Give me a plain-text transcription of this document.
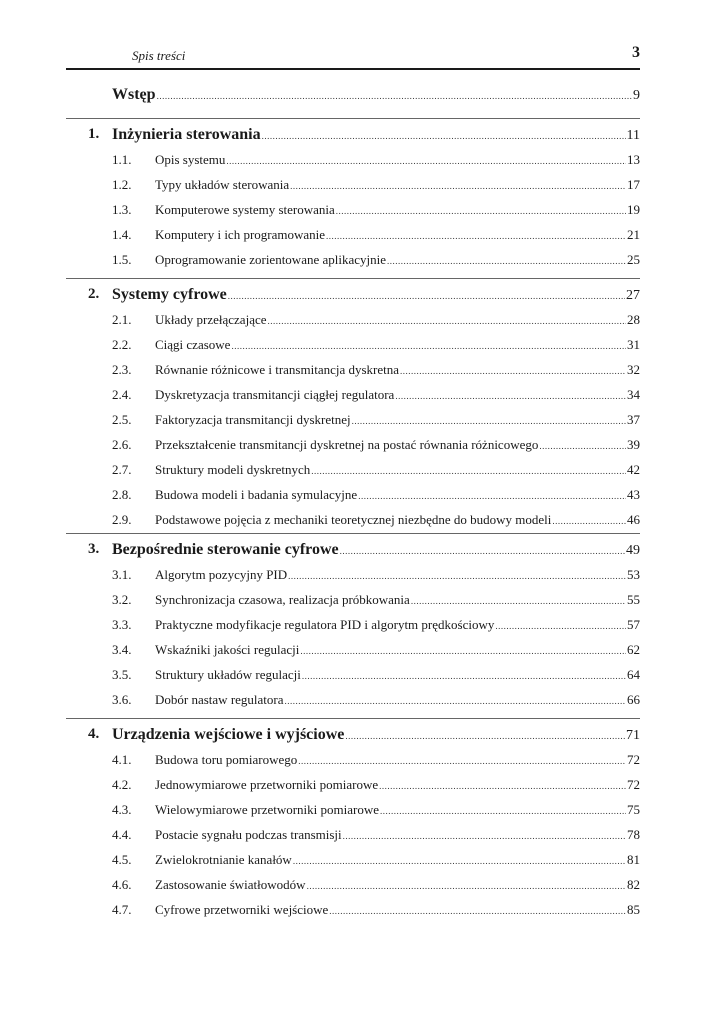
Spis treści	3
Wstęp .....	9
1. Inżynieria sterowania .....	11
1.1. Opis systemu .....	13
1.2. Typy układów sterowania .....	17
1.3. Komputerowe systemy sterowania .....	19
1.4. Komputery i ich programowanie .....	21
1.5. Oprogramowanie zorientowane aplikacyjnie .....	25
2. Systemy cyfrowe .....	27
2.1. Układy przełączające .....	28
2.2. Ciągi czasowe .....	31
2.3. Równanie różnicowe i transmitancja dyskretna .....	32
2.4. Dyskretyzacja transmitancji ciągłej regulatora .....	34
2.5. Faktoryzacja transmitancji dyskretnej .....	37
2.6. Przekształcenie transmitancji dyskretnej na postać równania różnicowego .....	39
2.7. Struktury modeli dyskretnych .....	42
2.8. Budowa modeli i badania symulacyjne .....	43
2.9. Podstawowe pojęcia z mechaniki teoretycznej niezbędne do budowy modeli .....	46
3. Bezpośrednie sterowanie cyfrowe .....	49
3.1. Algorytm pozycyjny PID .....	53
3.2. Synchronizacja czasowa, realizacja próbkowania .....	55
3.3. Praktyczne modyfikacje regulatora PID i algorytm prędkościowy .....	57
3.4. Wskaźniki jakości regulacji .....	62
3.5. Struktury układów regulacji .....	64
3.6. Dobór nastaw regulatora .....	66
4. Urządzenia wejściowe i wyjściowe .....	71
4.1. Budowa toru pomiarowego .....	72
4.2. Jednowymiarowe przetworniki pomiarowe .....	72
4.3. Wielowymiarowe przetworniki pomiarowe .....	75
4.4. Postacie sygnału podczas transmisji .....	78
4.5. Zwielokrotnianie kanałów .....	81
4.6. Zastosowanie światłowodów .....	82
4.7. Cyfrowe przetworniki wejściowe .....	85
